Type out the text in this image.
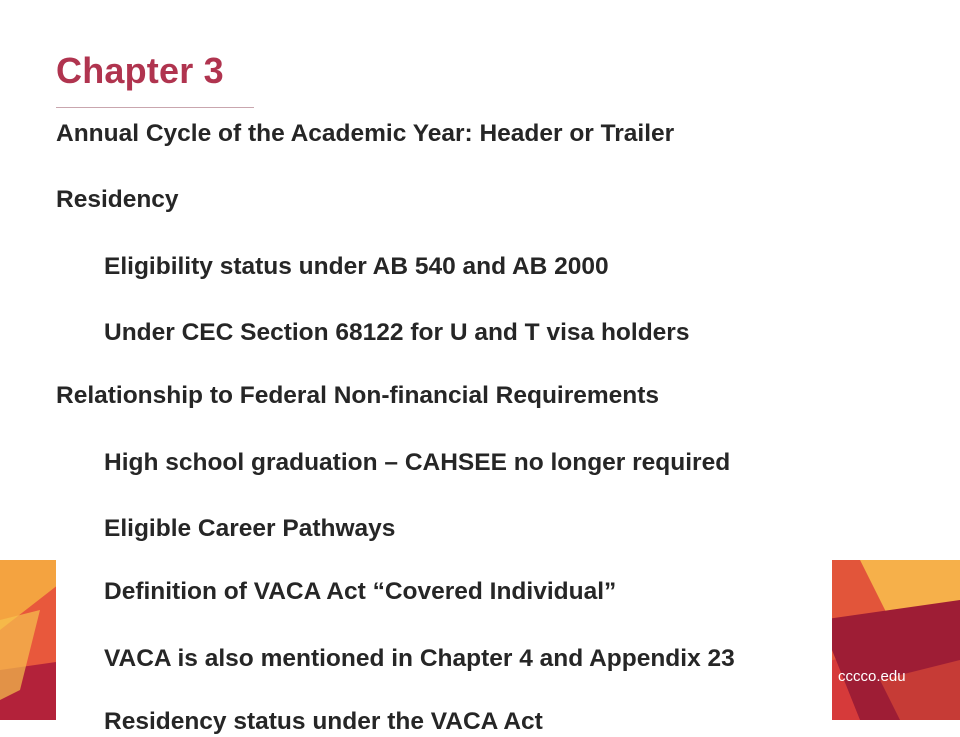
Chapter 3

Annual Cycle of the Academic Year: Header or Trailer

Residency

Eligibility status under AB 540 and AB 2000

Under CEC Section 68122 for U and T visa holders

Relationship to Federal Non-financial Requirements

High school graduation – CAHSEE no longer required

Eligible Career Pathways

Definition of VACA Act “Covered Individual”

VACA is also mentioned in Chapter 4 and Appendix 23

Residency status under the VACA Act

cccco.edu
